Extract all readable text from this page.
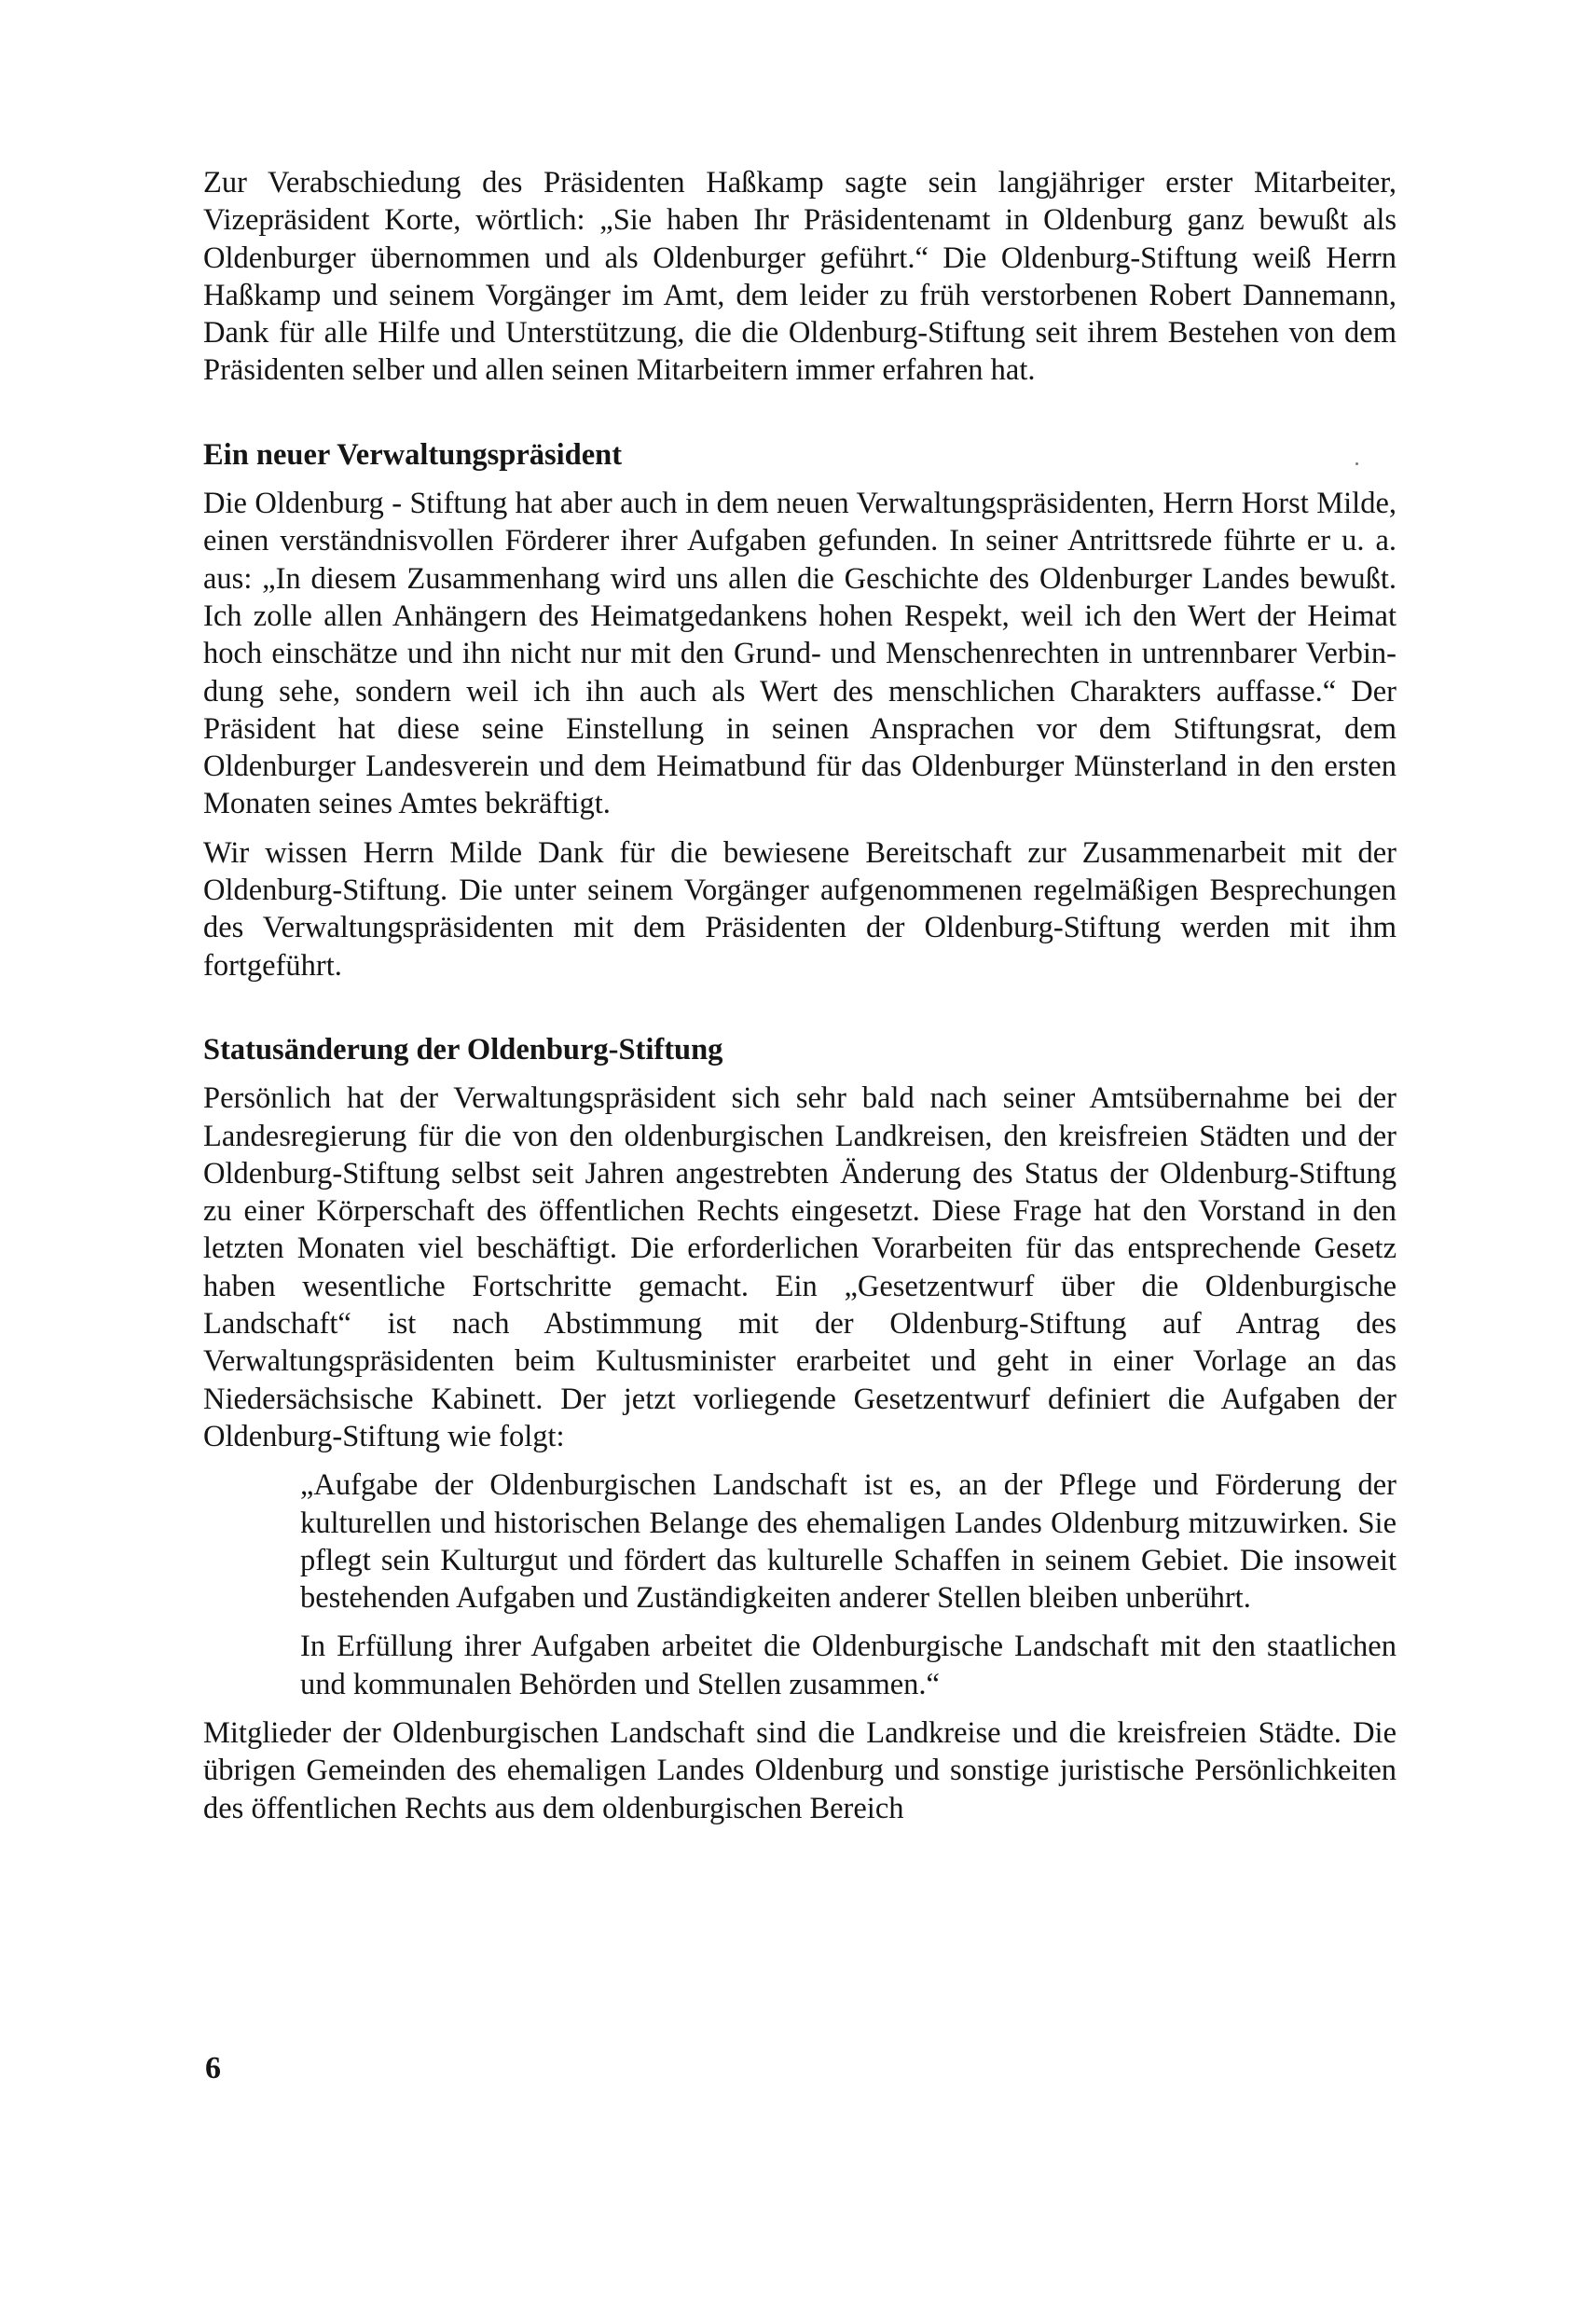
Zur Verabschiedung des Präsidenten Haßkamp sagte sein langjähriger erster Mitarbeiter, Vizepräsident Korte, wörtlich: „Sie haben Ihr Präsidentenamt in Oldenburg ganz bewußt als Oldenburger übernommen und als Oldenburger geführt.“ Die Oldenburg-Stiftung weiß Herrn Haßkamp und seinem Vorgänger im Amt, dem leider zu früh verstorbenen Robert Dannemann, Dank für alle Hilfe und Unterstützung, die die Oldenburg-Stiftung seit ihrem Bestehen von dem Präsidenten selber und allen seinen Mitarbeitern immer erfahren hat.

Ein neuer Verwaltungspräsident

Die Oldenburg - Stiftung hat aber auch in dem neuen Verwaltungspräsidenten, Herrn Horst Milde, einen verständnisvollen Förderer ihrer Aufgaben gefunden. In seiner Antrittsrede führte er u. a. aus: „In diesem Zusammenhang wird uns allen die Geschichte des Oldenburger Landes bewußt. Ich zolle allen Anhängern des Heimatgedankens hohen Respekt, weil ich den Wert der Heimat hoch einschätze und ihn nicht nur mit den Grund- und Menschenrechten in untrennbarer Verbindung sehe, sondern weil ich ihn auch als Wert des menschlichen Charakters auffasse.“ Der Präsident hat diese seine Einstellung in seinen Ansprachen vor dem Stiftungsrat, dem Oldenburger Landesverein und dem Heimatbund für das Oldenburger Münsterland in den ersten Monaten seines Amtes bekräftigt.

Wir wissen Herrn Milde Dank für die bewiesene Bereitschaft zur Zusammenarbeit mit der Oldenburg-Stiftung. Die unter seinem Vorgänger aufgenommenen regelmäßigen Besprechungen des Verwaltungspräsidenten mit dem Präsidenten der Oldenburg-Stiftung werden mit ihm fortgeführt.

Statusänderung der Oldenburg-Stiftung

Persönlich hat der Verwaltungspräsident sich sehr bald nach seiner Amtsübernahme bei der Landesregierung für die von den oldenburgischen Landkreisen, den kreisfreien Städten und der Oldenburg-Stiftung selbst seit Jahren angestrebten Änderung des Status der Oldenburg-Stiftung zu einer Körperschaft des öffentlichen Rechts eingesetzt. Diese Frage hat den Vorstand in den letzten Monaten viel beschäftigt. Die erforderlichen Vorarbeiten für das entsprechende Gesetz haben wesentliche Fortschritte gemacht. Ein „Gesetzentwurf über die Oldenburgische Landschaft“ ist nach Abstimmung mit der Oldenburg-Stiftung auf Antrag des Verwaltungspräsidenten beim Kultusminister erarbeitet und geht in einer Vorlage an das Niedersächsische Kabinett. Der jetzt vorliegende Gesetzentwurf definiert die Aufgaben der Oldenburg-Stiftung wie folgt:

„Aufgabe der Oldenburgischen Landschaft ist es, an der Pflege und Förderung der kulturellen und historischen Belange des ehemaligen Landes Oldenburg mitzuwirken. Sie pflegt sein Kulturgut und fördert das kulturelle Schaffen in seinem Gebiet. Die insoweit bestehenden Aufgaben und Zuständigkeiten anderer Stellen bleiben unberührt.

In Erfüllung ihrer Aufgaben arbeitet die Oldenburgische Landschaft mit den staatlichen und kommunalen Behörden und Stellen zusammen.“

Mitglieder der Oldenburgischen Landschaft sind die Landkreise und die kreisfreien Städte. Die übrigen Gemeinden des ehemaligen Landes Oldenburg und sonstige juristische Persönlichkeiten des öffentlichen Rechts aus dem oldenburgischen Bereich

6
